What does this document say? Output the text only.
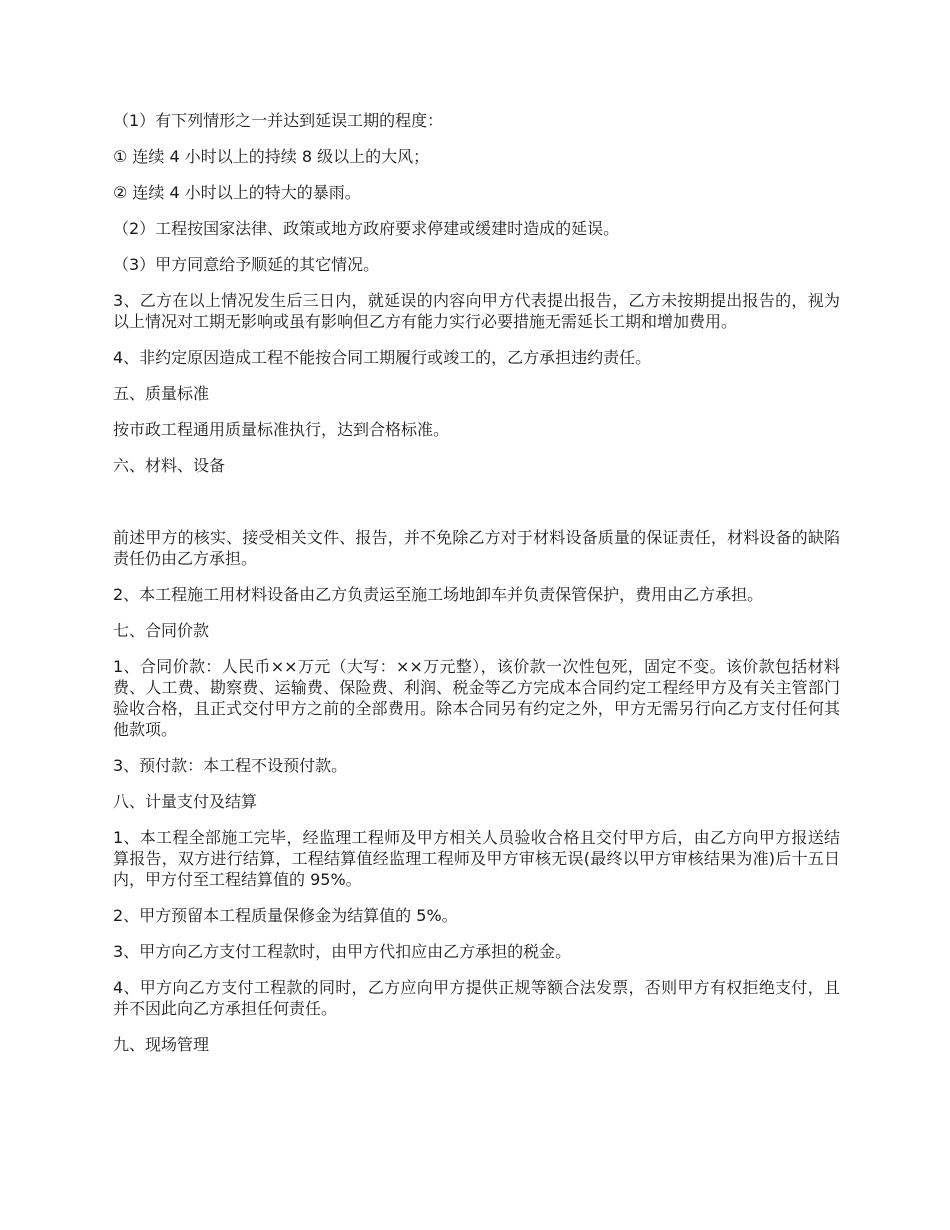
（1）有下列情形之一并达到延误工期的程度：

① 连续 4 小时以上的持续 8 级以上的大风；

② 连续 4 小时以上的特大的暴雨。

（2）工程按国家法律、政策或地方政府要求停建或缓建时造成的延误。

（3）甲方同意给予顺延的其它情况。

3、乙方在以上情况发生后三日内，就延误的内容向甲方代表提出报告，乙方未按期提出报告的，视为以上情况对工期无影响或虽有影响但乙方有能力实行必要措施无需延长工期和增加费用。

4、非约定原因造成工程不能按合同工期履行或竣工的，乙方承担违约责任。

五、质量标准

按市政工程通用质量标准执行，达到合格标准。

六、材料、设备

前述甲方的核实、接受相关文件、报告，并不免除乙方对于材料设备质量的保证责任，材料设备的缺陷责任仍由乙方承担。

2、本工程施工用材料设备由乙方负责运至施工场地卸车并负责保管保护，费用由乙方承担。

七、合同价款

1、合同价款：人民币××万元（大写：××万元整），该价款一次性包死，固定不变。该价款包括材料费、人工费、勘察费、运输费、保险费、利润、税金等乙方完成本合同约定工程经甲方及有关主管部门验收合格，且正式交付甲方之前的全部费用。除本合同另有约定之外，甲方无需另行向乙方支付任何其他款项。

3、预付款：本工程不设预付款。

八、计量支付及结算

1、本工程全部施工完毕，经监理工程师及甲方相关人员验收合格且交付甲方后，由乙方向甲方报送结算报告，双方进行结算，工程结算值经监理工程师及甲方审核无误(最终以甲方审核结果为准)后十五日内，甲方付至工程结算值的 95%。

2、甲方预留本工程质量保修金为结算值的 5%。

3、甲方向乙方支付工程款时，由甲方代扣应由乙方承担的税金。

4、甲方向乙方支付工程款的同时，乙方应向甲方提供正规等额合法发票，否则甲方有权拒绝支付，且并不因此向乙方承担任何责任。

九、现场管理
